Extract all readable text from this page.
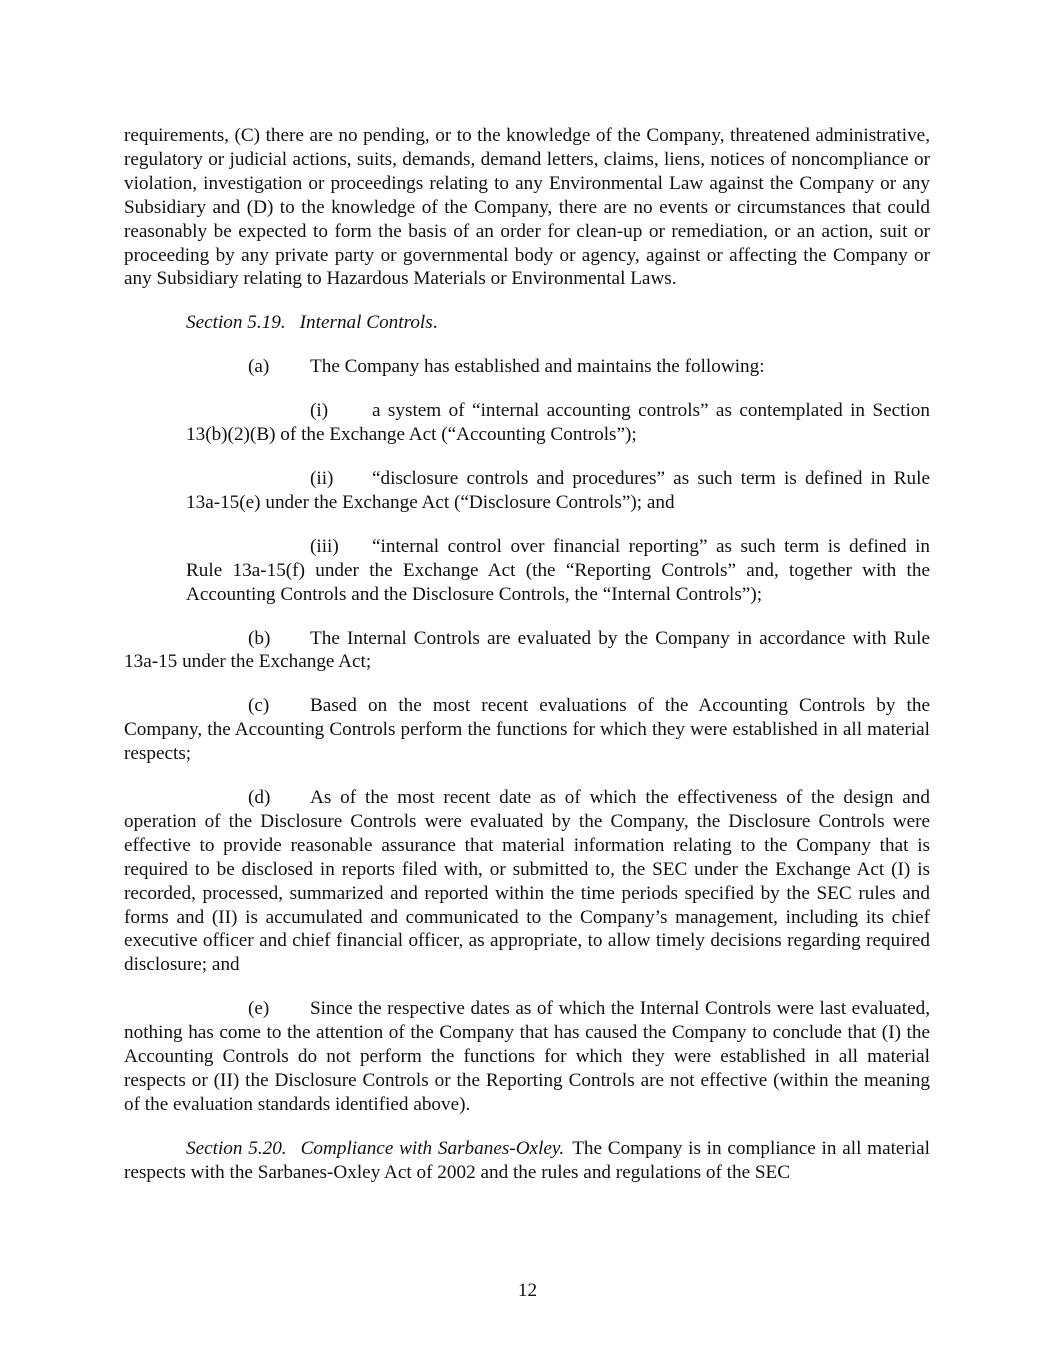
requirements, (C) there are no pending, or to the knowledge of the Company, threatened administrative, regulatory or judicial actions, suits, demands, demand letters, claims, liens, notices of noncompliance or violation, investigation or proceedings relating to any Environmental Law against the Company or any Subsidiary and (D) to the knowledge of the Company, there are no events or circumstances that could reasonably be expected to form the basis of an order for clean-up or remediation, or an action, suit or proceeding by any private party or governmental body or agency, against or affecting the Company or any Subsidiary relating to Hazardous Materials or Environmental Laws.

Section 5.19. Internal Controls.

(a) The Company has established and maintains the following:

(i) a system of “internal accounting controls” as contemplated in Section 13(b)(2)(B) of the Exchange Act (“Accounting Controls”);

(ii) “disclosure controls and procedures” as such term is defined in Rule 13a-15(e) under the Exchange Act (“Disclosure Controls”); and

(iii) “internal control over financial reporting” as such term is defined in Rule 13a-15(f) under the Exchange Act (the “Reporting Controls” and, together with the Accounting Controls and the Disclosure Controls, the “Internal Controls”);

(b) The Internal Controls are evaluated by the Company in accordance with Rule 13a-15 under the Exchange Act;

(c) Based on the most recent evaluations of the Accounting Controls by the Company, the Accounting Controls perform the functions for which they were established in all material respects;

(d) As of the most recent date as of which the effectiveness of the design and operation of the Disclosure Controls were evaluated by the Company, the Disclosure Controls were effective to provide reasonable assurance that material information relating to the Company that is required to be disclosed in reports filed with, or submitted to, the SEC under the Exchange Act (I) is recorded, processed, summarized and reported within the time periods specified by the SEC rules and forms and (II) is accumulated and communicated to the Company’s management, including its chief executive officer and chief financial officer, as appropriate, to allow timely decisions regarding required disclosure; and

(e) Since the respective dates as of which the Internal Controls were last evaluated, nothing has come to the attention of the Company that has caused the Company to conclude that (I) the Accounting Controls do not perform the functions for which they were established in all material respects or (II) the Disclosure Controls or the Reporting Controls are not effective (within the meaning of the evaluation standards identified above).

Section 5.20. Compliance with Sarbanes-Oxley. The Company is in compliance in all material respects with the Sarbanes-Oxley Act of 2002 and the rules and regulations of the SEC

12
